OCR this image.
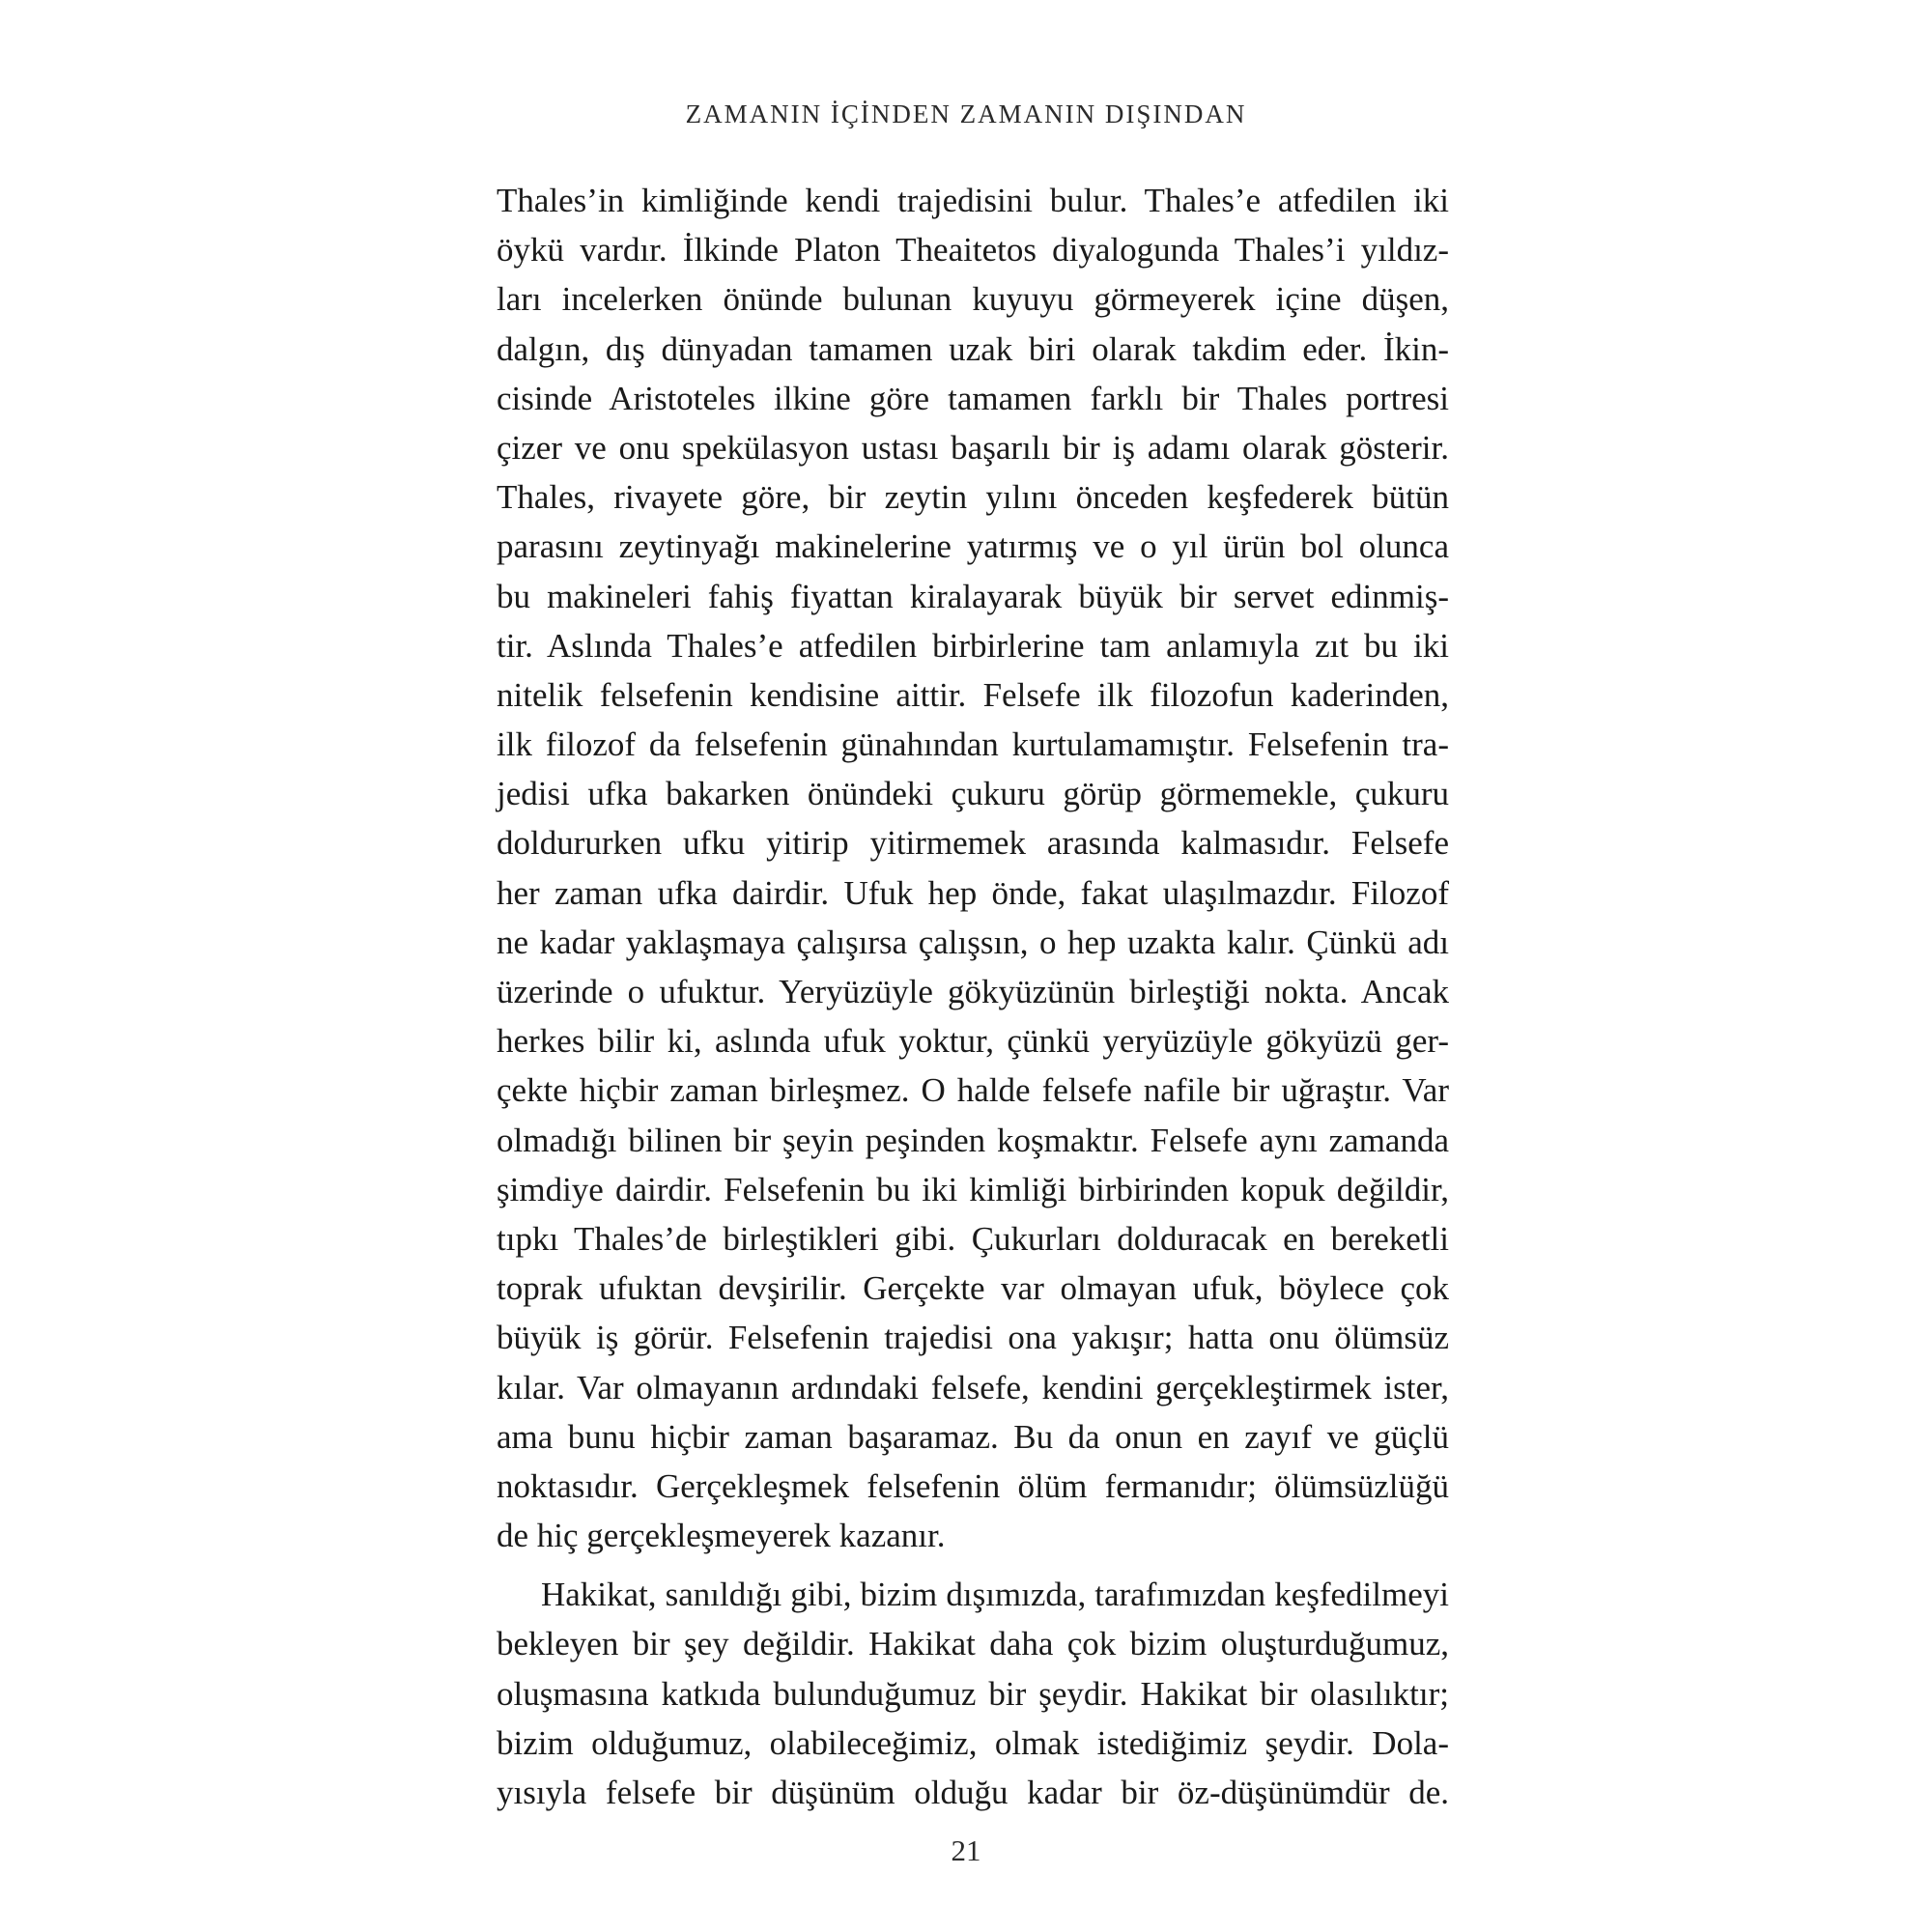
ZAMANIN İÇİNDEN ZAMANIN DIŞINDAN
Thales’in kimliğinde kendi trajedisini bulur. Thales’e atfedilen iki
öykü vardır. İlkinde Platon Theaitetos diyalogunda Thales’i yıldız-
ları incelerken önünde bulunan kuyuyu görmeyerek içine düşen,
dalgın, dış dünyadan tamamen uzak biri olarak takdim eder. İkin-
cisinde Aristoteles ilkine göre tamamen farklı bir Thales portresi
çizer ve onu spekülasyon ustası başarılı bir iş adamı olarak gösterir.
Thales, rivayete göre, bir zeytin yılını önceden keşfederek bütün
parasını zeytinyağı makinelerine yatırmış ve o yıl ürün bol olunca
bu makineleri fahiş fiyattan kiralayarak büyük bir servet edinmiş-
tir. Aslında Thales’e atfedilen birbirlerine tam anlamıyla zıt bu iki
nitelik felsefenin kendisine aittir. Felsefe ilk filozofun kaderinden,
ilk filozof da felsefenin günahından kurtulamamıştır. Felsefenin tra-
jedisi ufka bakarken önündeki çukuru görüp görmemekle, çukuru
doldururken ufku yitirip yitirmemek arasında kalmasıdır. Felsefe
her zaman ufka dairdir. Ufuk hep önde, fakat ulaşılmazdır. Filozof
ne kadar yaklaşmaya çalışırsa çalışsın, o hep uzakta kalır. Çünkü adı
üzerinde o ufuktur. Yeryüzüyle gökyüzünün birleştiği nokta. Ancak
herkes bilir ki, aslında ufuk yoktur, çünkü yeryüzüyle gökyüzü ger-
çekte hiçbir zaman birleşmez. O halde felsefe nafile bir uğraştır. Var
olmadığı bilinen bir şeyin peşinden koşmaktır. Felsefe aynı zamanda
şimdiye dairdir. Felsefenin bu iki kimliği birbirinden kopuk değildir,
tıpkı Thales’de birleştikleri gibi. Çukurları dolduracak en bereketli
toprak ufuktan devşirilir. Gerçekte var olmayan ufuk, böylece çok
büyük iş görür. Felsefenin trajedisi ona yakışır; hatta onu ölümsüz
kılar. Var olmayanın ardındaki felsefe, kendini gerçekleştirmek ister,
ama bunu hiçbir zaman başaramaz. Bu da onun en zayıf ve güçlü
noktasıdır. Gerçekleşmek felsefenin ölüm fermanıdır; ölümsüzlüğü
de hiç gerçekleşmeyerek kazanır.
Hakikat, sanıldığı gibi, bizim dışımızda, tarafımızdan keşfedilmeyi
bekleyen bir şey değildir. Hakikat daha çok bizim oluşturduğumuz,
oluşmasına katkıda bulunduğumuz bir şeydir. Hakikat bir olasılıktır;
bizim olduğumuz, olabileceğimiz, olmak istediğimiz şeydir. Dola-
yısıyla felsefe bir düşünüm olduğu kadar bir öz-düşünümdür de.
21
